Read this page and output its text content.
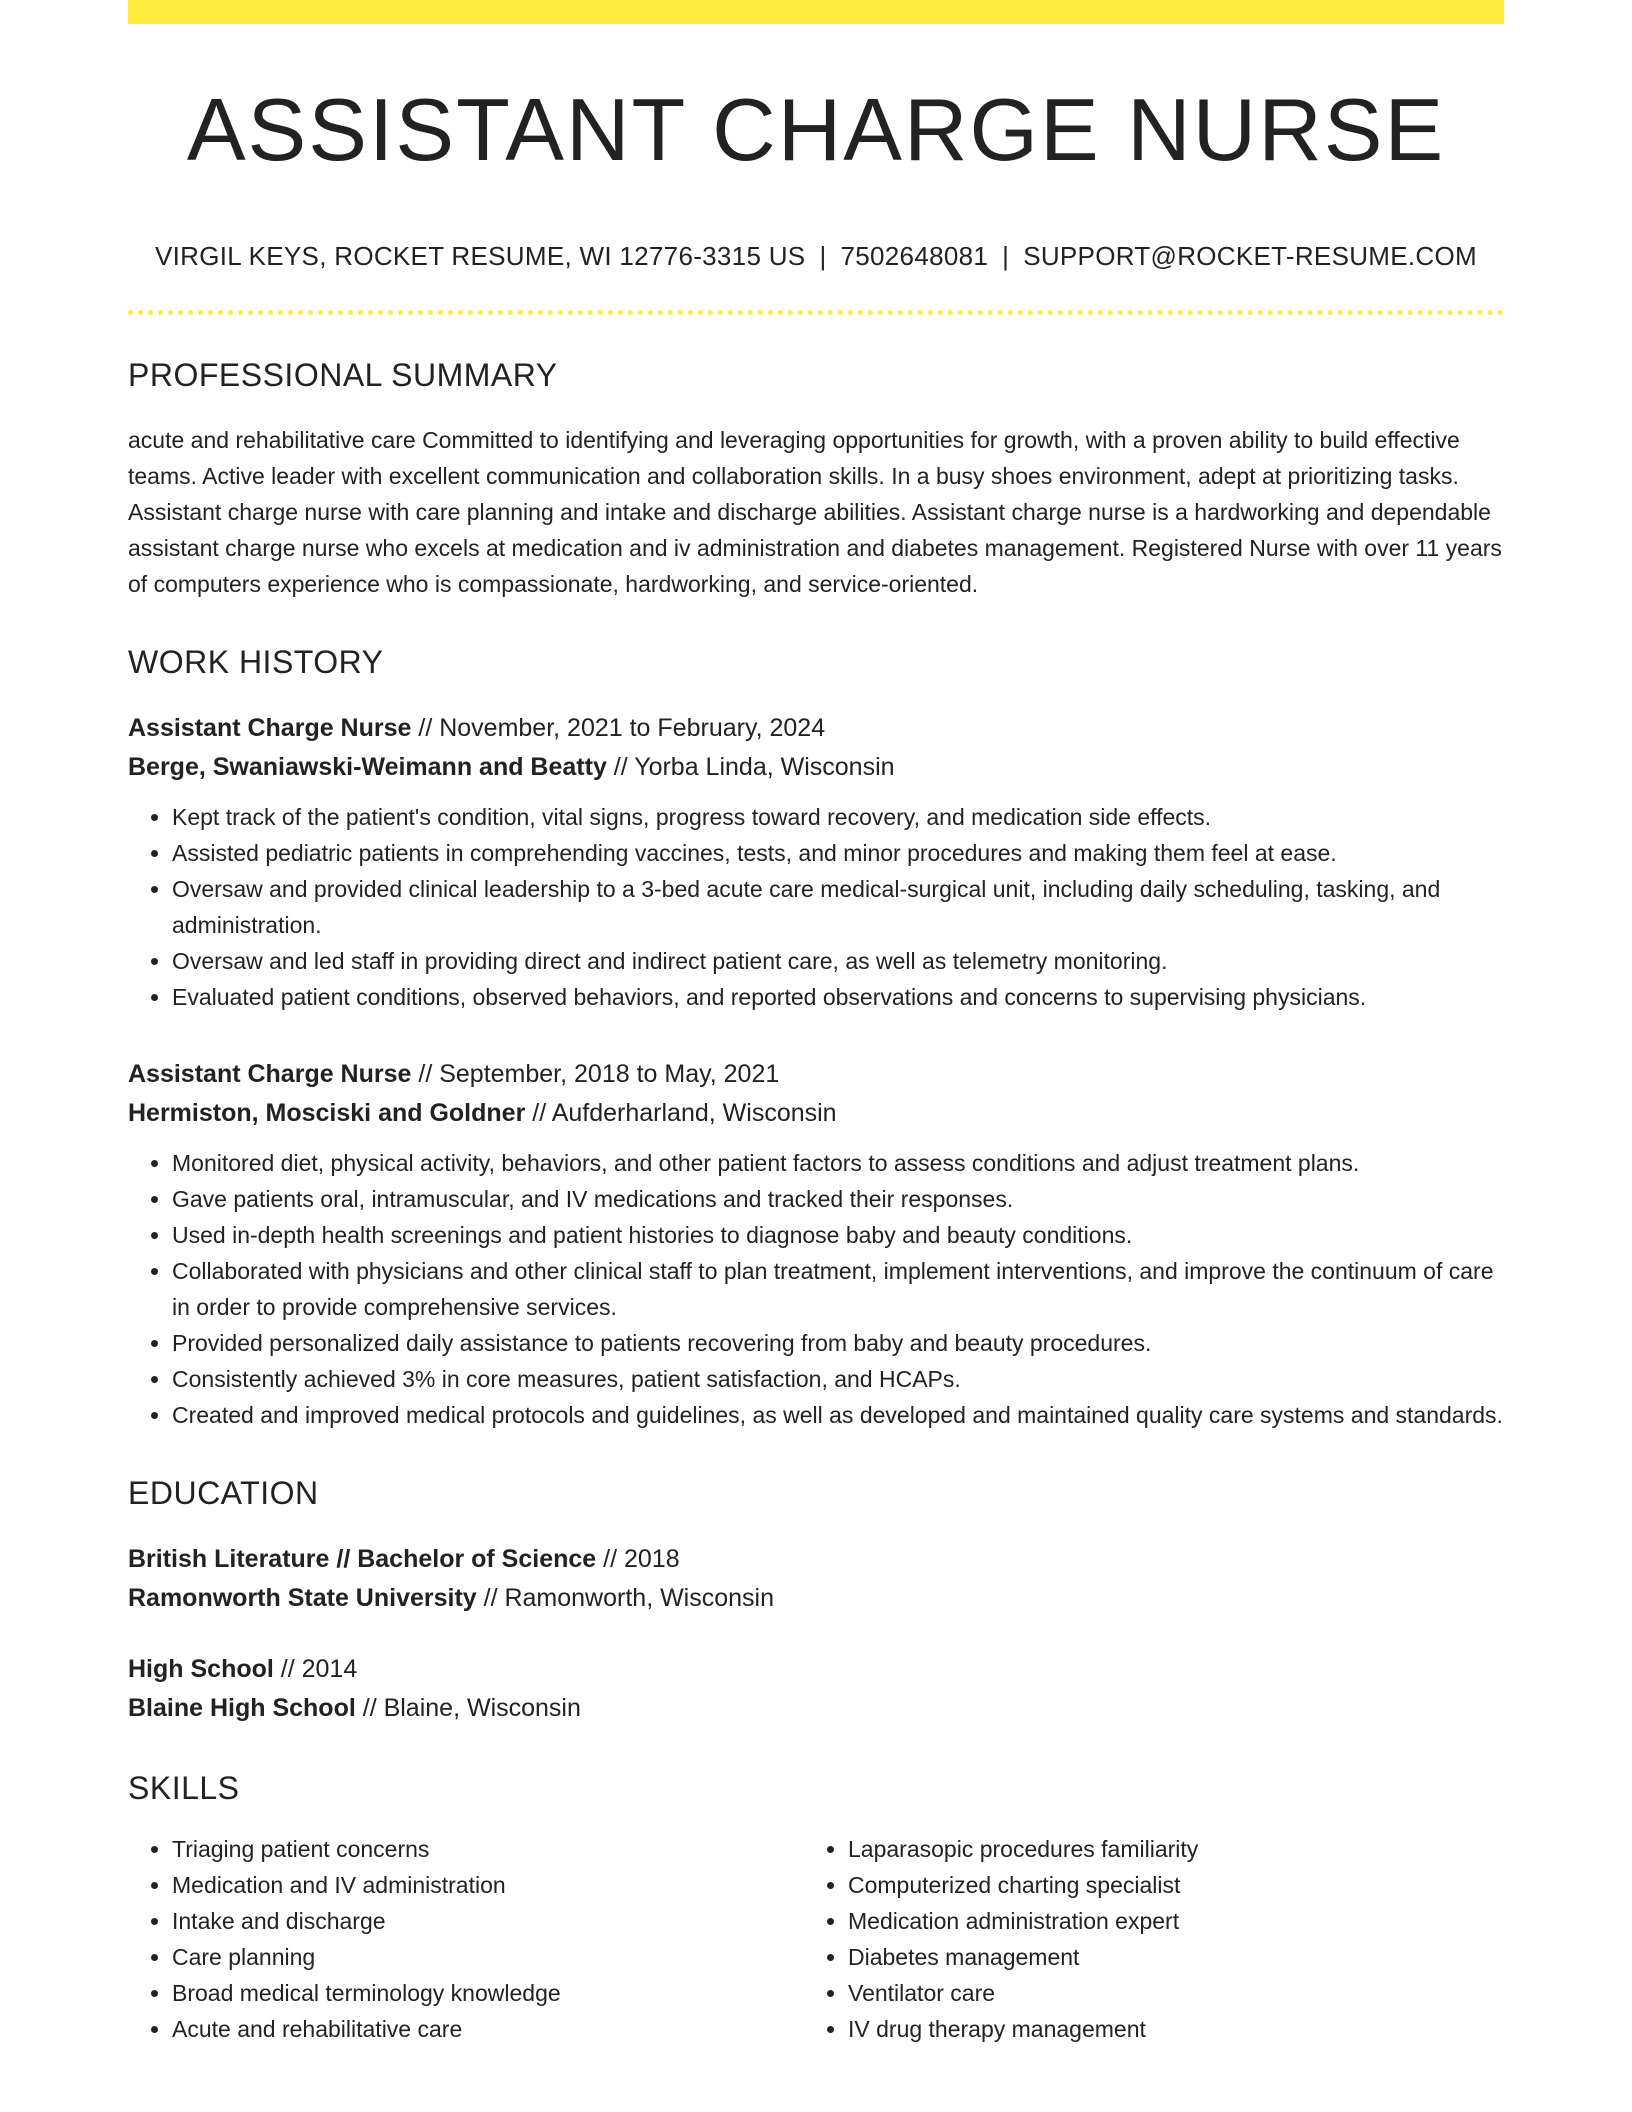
ASSISTANT CHARGE NURSE
VIRGIL KEYS, ROCKET RESUME, WI 12776-3315 US | 7502648081 | SUPPORT@ROCKET-RESUME.COM
PROFESSIONAL SUMMARY
acute and rehabilitative care Committed to identifying and leveraging opportunities for growth, with a proven ability to build effective teams. Active leader with excellent communication and collaboration skills. In a busy shoes environment, adept at prioritizing tasks. Assistant charge nurse with care planning and intake and discharge abilities. Assistant charge nurse is a hardworking and dependable assistant charge nurse who excels at medication and iv administration and diabetes management. Registered Nurse with over 11 years of computers experience who is compassionate, hardworking, and service-oriented.
WORK HISTORY
Assistant Charge Nurse // November, 2021 to February, 2024
Berge, Swaniawski-Weimann and Beatty // Yorba Linda, Wisconsin
• Kept track of the patient's condition, vital signs, progress toward recovery, and medication side effects.
• Assisted pediatric patients in comprehending vaccines, tests, and minor procedures and making them feel at ease.
• Oversaw and provided clinical leadership to a 3-bed acute care medical-surgical unit, including daily scheduling, tasking, and administration.
• Oversaw and led staff in providing direct and indirect patient care, as well as telemetry monitoring.
• Evaluated patient conditions, observed behaviors, and reported observations and concerns to supervising physicians.
Assistant Charge Nurse // September, 2018 to May, 2021
Hermiston, Mosciski and Goldner // Aufderharland, Wisconsin
• Monitored diet, physical activity, behaviors, and other patient factors to assess conditions and adjust treatment plans.
• Gave patients oral, intramuscular, and IV medications and tracked their responses.
• Used in-depth health screenings and patient histories to diagnose baby and beauty conditions.
• Collaborated with physicians and other clinical staff to plan treatment, implement interventions, and improve the continuum of care in order to provide comprehensive services.
• Provided personalized daily assistance to patients recovering from baby and beauty procedures.
• Consistently achieved 3% in core measures, patient satisfaction, and HCAPs.
• Created and improved medical protocols and guidelines, as well as developed and maintained quality care systems and standards.
EDUCATION
British Literature // Bachelor of Science // 2018
Ramonworth State University // Ramonworth, Wisconsin
High School // 2014
Blaine High School // Blaine, Wisconsin
SKILLS
• Triaging patient concerns
• Medication and IV administration
• Intake and discharge
• Care planning
• Broad medical terminology knowledge
• Acute and rehabilitative care
• Laparasopic procedures familiarity
• Computerized charting specialist
• Medication administration expert
• Diabetes management
• Ventilator care
• IV drug therapy management
